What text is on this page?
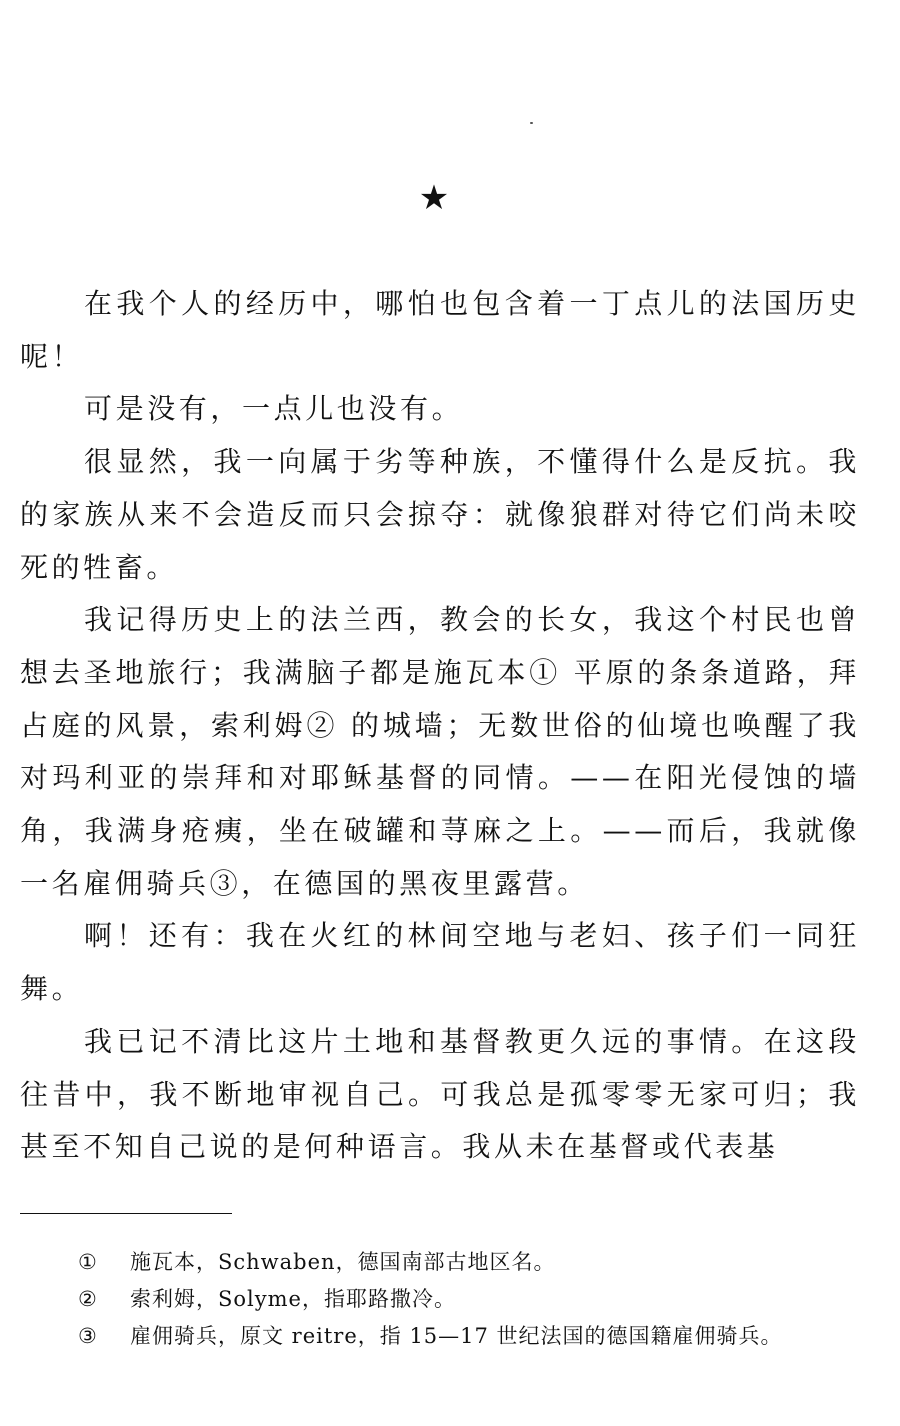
★

在我个人的经历中，哪怕也包含着一丁点儿的法国历史呢！

可是没有，一点儿也没有。

很显然，我一向属于劣等种族，不懂得什么是反抗。我的家族从来不会造反而只会掠夺：就像狼群对待它们尚未咬死的牲畜。

我记得历史上的法兰西，教会的长女，我这个村民也曾想去圣地旅行；我满脑子都是施瓦本① 平原的条条道路，拜占庭的风景，索利姆② 的城墙；无数世俗的仙境也唤醒了我对玛利亚的崇拜和对耶稣基督的同情。——在阳光侵蚀的墙角，我满身疮痍，坐在破罐和荨麻之上。——而后，我就像一名雇佣骑兵③，在德国的黑夜里露营。

啊！还有：我在火红的林间空地与老妇、孩子们一同狂舞。

我已记不清比这片土地和基督教更久远的事情。在这段往昔中，我不断地审视自己。可我总是孤零零无家可归；我甚至不知自己说的是何种语言。我从未在基督或代表基

①	施瓦本，Schwaben，德国南部古地区名。
②	索利姆，Solyme，指耶路撒冷。
③	雇佣骑兵，原文 reitre，指 15—17 世纪法国的德国籍雇佣骑兵。
